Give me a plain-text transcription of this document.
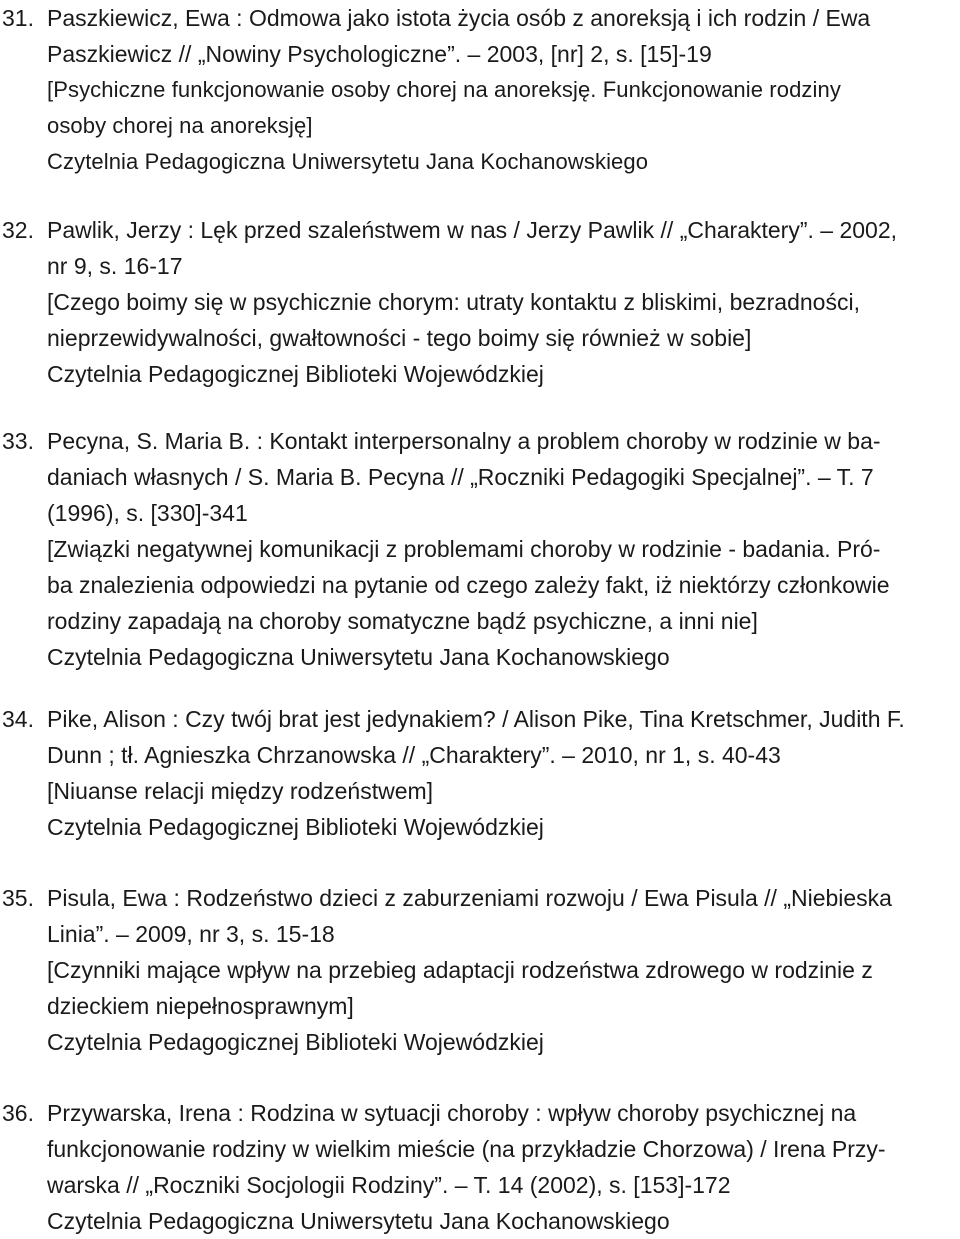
31. Paszkiewicz, Ewa : Odmowa jako istota życia osób z anoreksją i ich rodzin / Ewa
Paszkiewicz // „Nowiny Psychologiczne”. – 2003, [nr] 2, s. [15]-19
[Psychiczne funkcjonowanie osoby chorej na anoreksję. Funkcjonowanie rodziny
osoby chorej na anoreksję]
Czytelnia Pedagogiczna Uniwersytetu Jana Kochanowskiego
32. Pawlik, Jerzy : Lęk przed szaleństwem w nas / Jerzy Pawlik // „Charaktery”. – 2002,
nr 9, s. 16-17
[Czego boimy się w psychicznie chorym: utraty kontaktu z bliskimi, bezradności,
nieprzewidywalności, gwałtowności - tego boimy się również w sobie]
Czytelnia Pedagogicznej Biblioteki Wojewódzkiej
33. Pecyna, S. Maria B. : Kontakt interpersonalny a problem choroby w rodzinie w ba-
daniach własnych / S. Maria B. Pecyna // „Roczniki Pedagogiki Specjalnej”. – T. 7
(1996), s. [330]-341
[Związki negatywnej komunikacji z problemami choroby w rodzinie - badania. Pró-
ba znalezienia odpowiedzi na pytanie od czego zależy fakt, iż niektórzy członkowie
rodziny zapadają na choroby somatyczne bądź psychiczne, a inni nie]
Czytelnia Pedagogiczna Uniwersytetu Jana Kochanowskiego
34. Pike, Alison : Czy twój brat jest jedynakiem? / Alison Pike, Tina Kretschmer, Judith F.
Dunn ; tł. Agnieszka Chrzanowska // „Charaktery”. – 2010, nr 1, s. 40-43
[Niuanse relacji między rodzeństwem]
Czytelnia Pedagogicznej Biblioteki Wojewódzkiej
35. Pisula, Ewa : Rodzeństwo dzieci z zaburzeniami rozwoju / Ewa Pisula // „Niebieska
Linia”. – 2009, nr 3, s. 15-18
[Czynniki mające wpływ na przebieg adaptacji rodzeństwa zdrowego w rodzinie z
dzieckiem niepełnosprawnym]
Czytelnia Pedagogicznej Biblioteki Wojewódzkiej
36. Przywarska, Irena : Rodzina w sytuacji choroby : wpływ choroby psychicznej na
funkcjonowanie rodziny w wielkim mieście (na przykładzie Chorzowa) / Irena Przy-
warska // „Roczniki Socjologii Rodziny”. – T. 14 (2002), s. [153]-172
Czytelnia Pedagogiczna Uniwersytetu Jana Kochanowskiego
